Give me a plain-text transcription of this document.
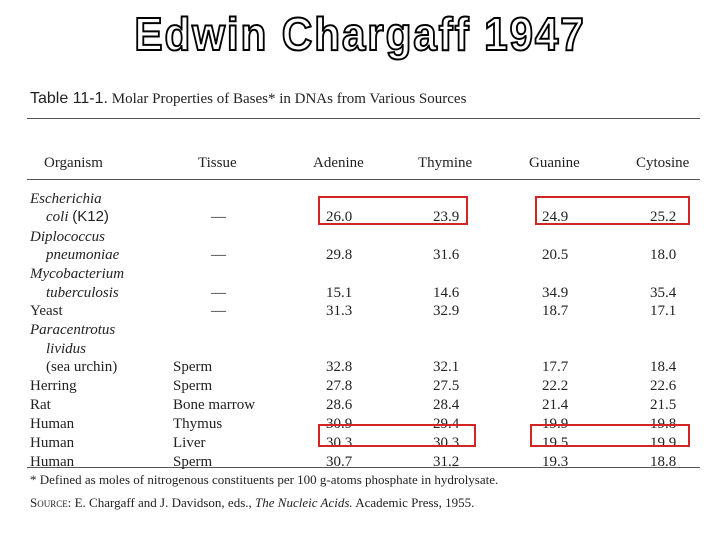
Edwin Chargaff 1947
Table 11-1. Molar Properties of Bases* in DNAs from Various Sources
Organism	Tissue	Adenine	Thymine	Guanine	Cytosine
Escherichia
coli (K12)	—	26.0	23.9	24.9	25.2
Diplococcus
pneumoniae	—	29.8	31.6	20.5	18.0
Mycobacterium
tuberculosis	—	15.1	14.6	34.9	35.4
Yeast	—	31.3	32.9	18.7	17.1
Paracentrotus
lividus
(sea urchin)	Sperm	32.8	32.1	17.7	18.4
Herring	Sperm	27.8	27.5	22.2	22.6
Rat	Bone marrow	28.6	28.4	21.4	21.5
Human	Thymus	30.9	29.4	19.9	19.8
Human	Liver	30.3	30.3	19.5	19.9
Human	Sperm	30.7	31.2	19.3	18.8
* Defined as moles of nitrogenous constituents per 100 g-atoms phosphate in hydrolysate.
Source: E. Chargaff and J. Davidson, eds., The Nucleic Acids. Academic Press, 1955.
